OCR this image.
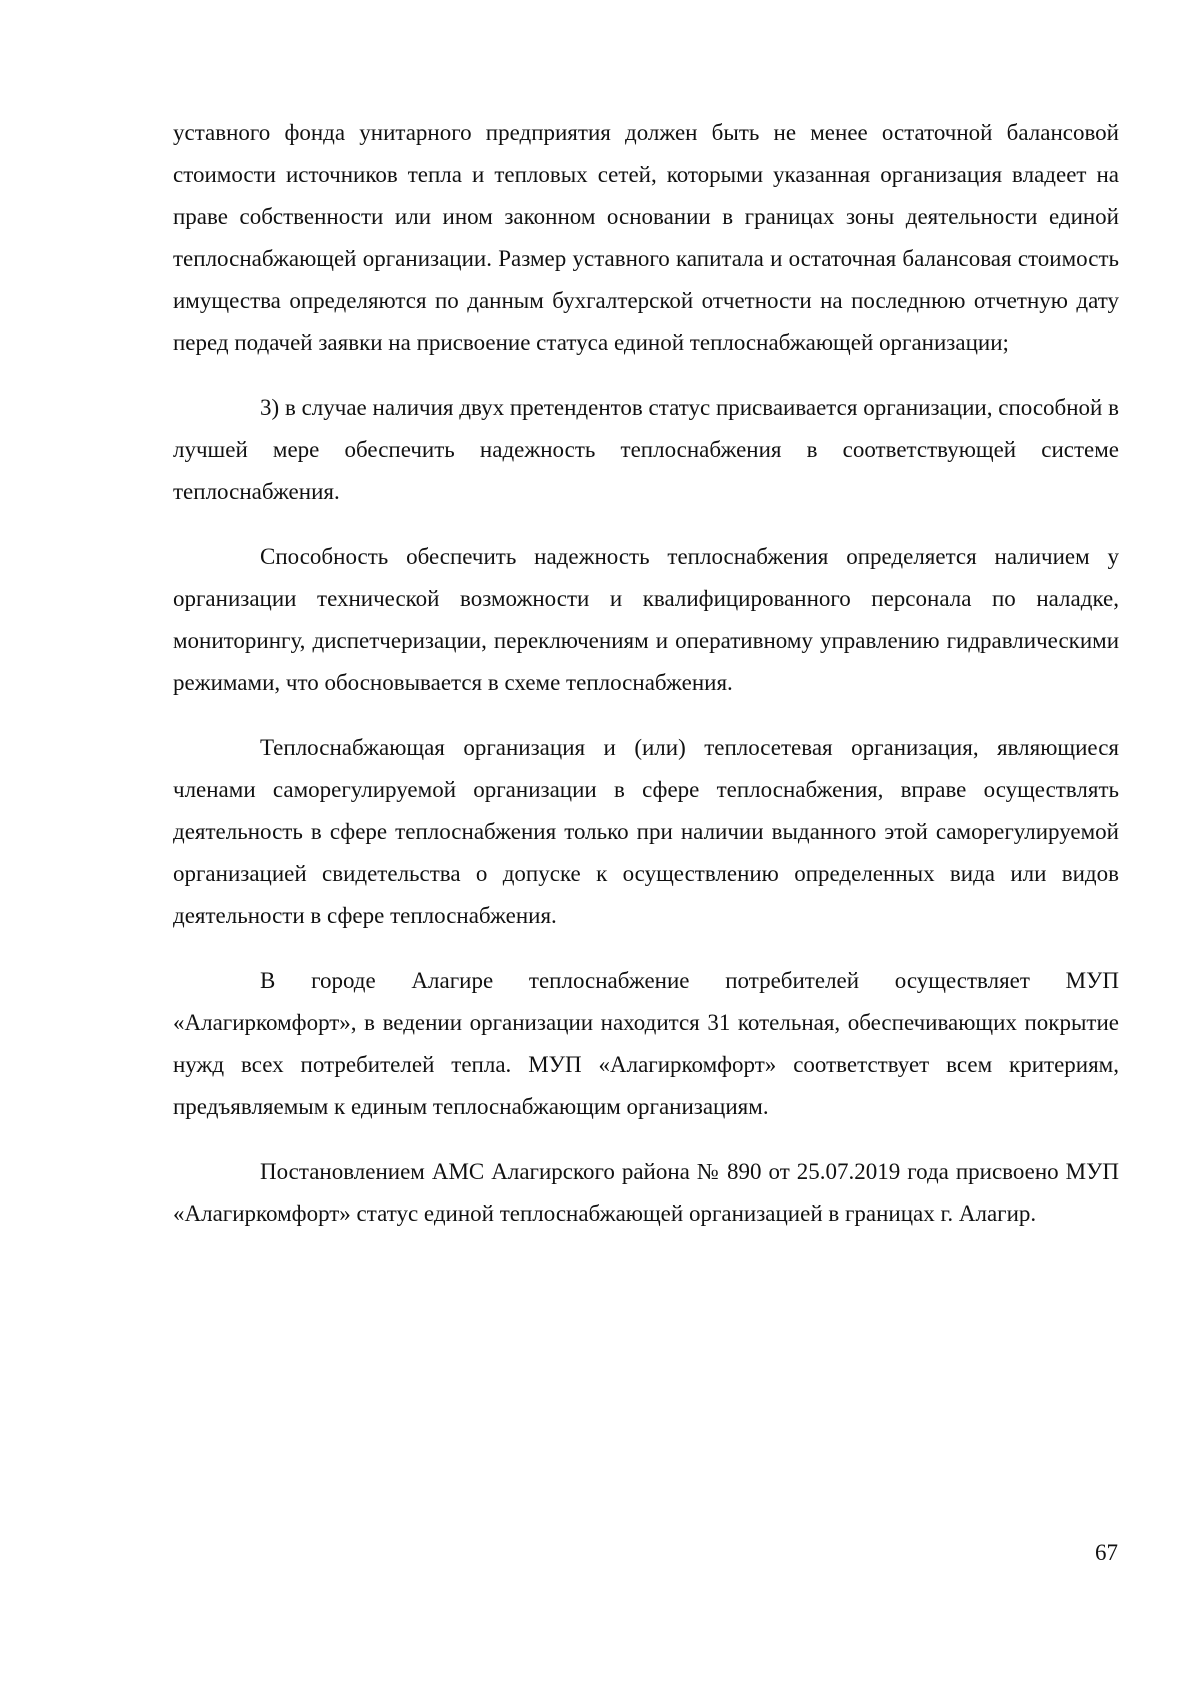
уставного фонда унитарного предприятия должен быть не менее остаточной балансовой стоимости источников тепла и тепловых сетей, которыми указанная организация владеет на праве собственности или ином законном основании в границах зоны деятельности единой теплоснабжающей организации. Размер уставного капитала и остаточная балансовая стоимость имущества определяются по данным бухгалтерской отчетности на последнюю отчетную дату перед подачей заявки на присвоение статуса единой теплоснабжающей организации;

3) в случае наличия двух претендентов статус присваивается организации, способной в лучшей мере обеспечить надежность теплоснабжения в соответствующей системе теплоснабжения.

Способность обеспечить надежность теплоснабжения определяется наличием у организации технической возможности и квалифицированного персонала по наладке, мониторингу, диспетчеризации, переключениям и оперативному управлению гидравлическими режимами, что обосновывается в схеме теплоснабжения.

Теплоснабжающая организация и (или) теплосетевая организация, являющиеся членами саморегулируемой организации в сфере теплоснабжения, вправе осуществлять деятельность в сфере теплоснабжения только при наличии выданного этой саморегулируемой организацией свидетельства о допуске к осуществлению определенных вида или видов деятельности в сфере теплоснабжения.

В городе Алагире теплоснабжение потребителей осуществляет МУП «Алагиркомфорт», в ведении организации находится 31 котельная, обеспечивающих покрытие нужд всех потребителей тепла. МУП «Алагиркомфорт» соответствует всем критериям, предъявляемым к единым теплоснабжающим организациям.

Постановлением АМС Алагирского района № 890 от 25.07.2019 года присвоено МУП «Алагиркомфорт» статус единой теплоснабжающей организацией в границах г. Алагир.

67
